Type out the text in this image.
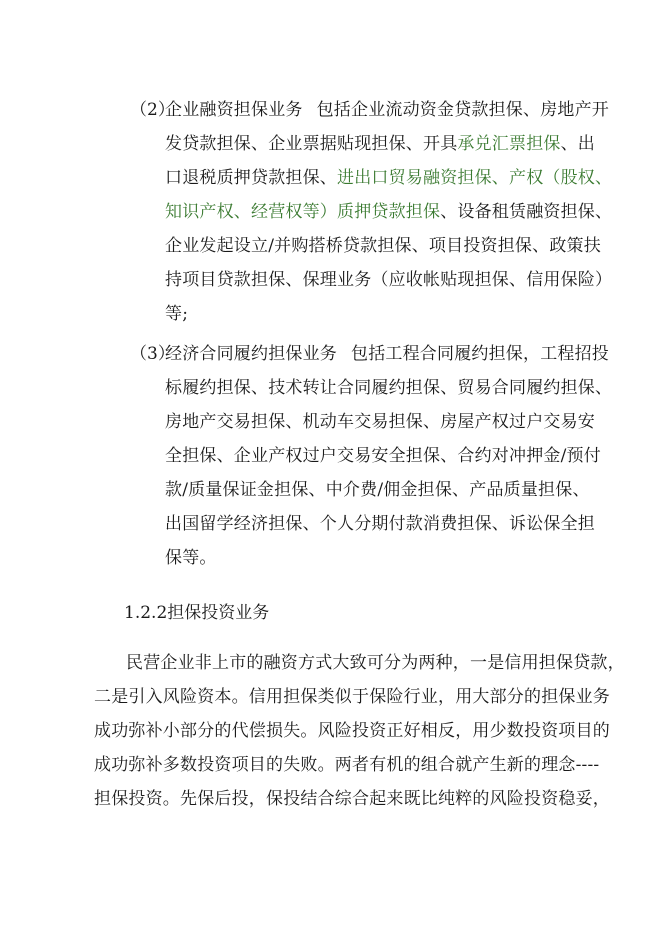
（2）
企业融资担保业务 包括企业流动资金贷款担保、房地产开
发贷款担保、企业票据贴现担保、开具承兑汇票担保、出
口退税质押贷款担保、进出口贸易融资担保、产权（股权、
知识产权、经营权等）质押贷款担保、设备租赁融资担保、
企业发起设立/并购搭桥贷款担保、项目投资担保、政策扶
持项目贷款担保、保理业务（应收帐贴现担保、信用保险）
等;
（3）
经济合同履约担保业务 包括工程合同履约担保，工程招投
标履约担保、技术转让合同履约担保、贸易合同履约担保、
房地产交易担保、机动车交易担保、房屋产权过户交易安
全担保、企业产权过户交易安全担保、合约对冲押金/预付
款/质量保证金担保、中介费/佣金担保、产品质量担保、
出国留学经济担保、个人分期付款消费担保、诉讼保全担
保等。
1.2.2担保投资业务
民营企业非上市的融资方式大致可分为两种，一是信用担保贷款，
二是引入风险资本。信用担保类似于保险行业，用大部分的担保业务
成功弥补小部分的代偿损失。风险投资正好相反，用少数投资项目的
成功弥补多数投资项目的失败。两者有机的组合就产生新的理念----
担保投资。先保后投，保投结合综合起来既比纯粹的风险投资稳妥，
